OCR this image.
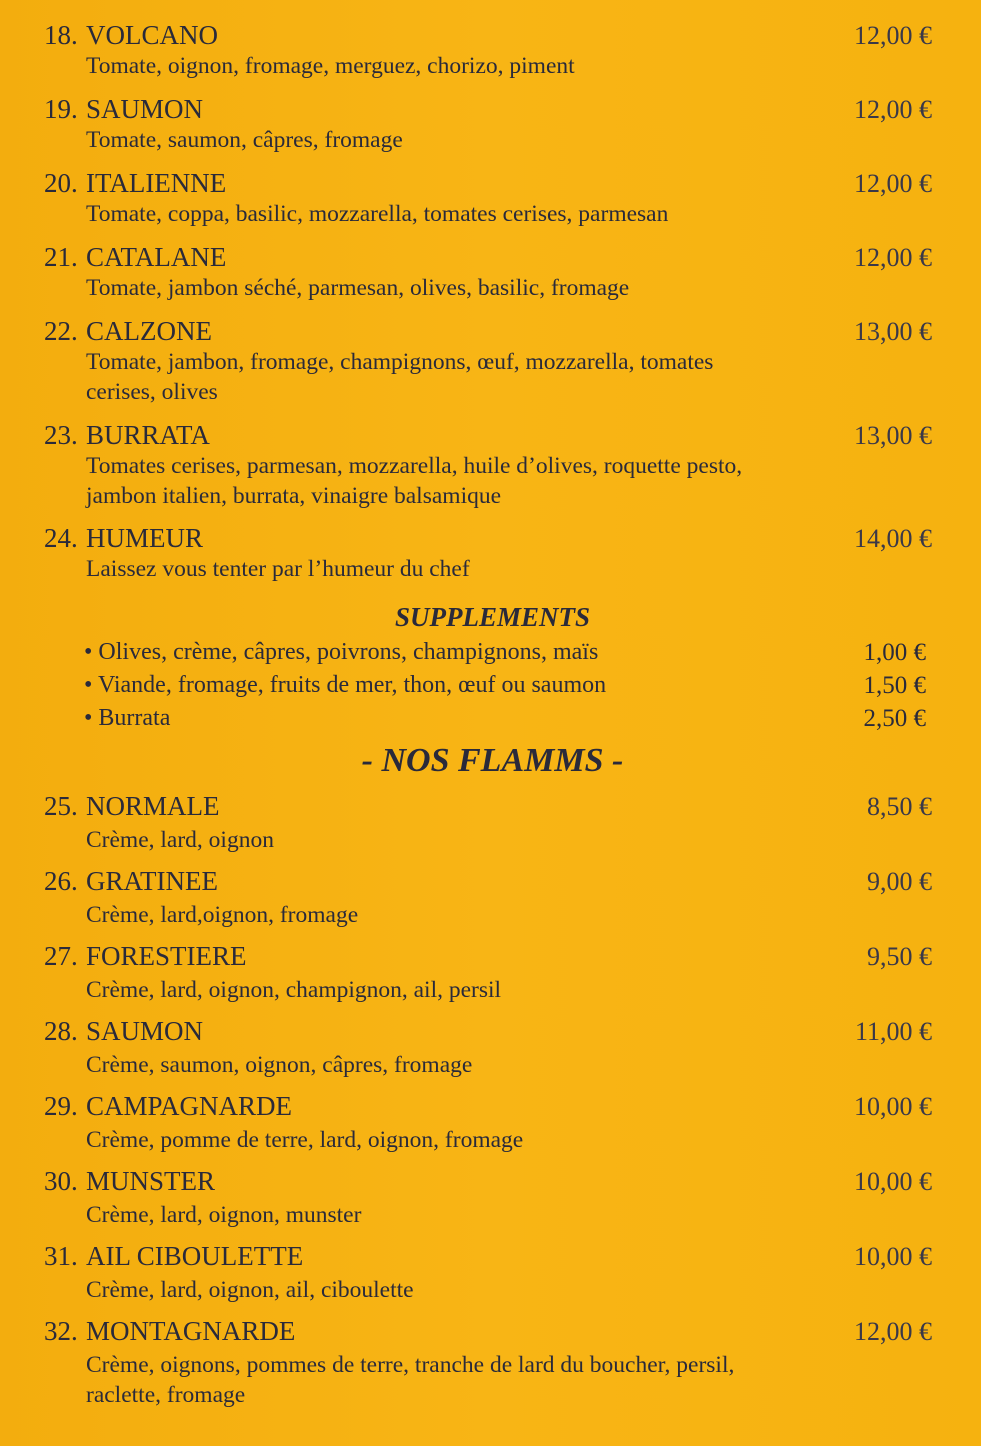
18. VOLCANO	12,00 €
Tomate, oignon, fromage, merguez, chorizo, piment
19. SAUMON	12,00 €
Tomate, saumon, câpres, fromage
20. ITALIENNE	12,00 €
Tomate, coppa, basilic, mozzarella, tomates cerises, parmesan
21. CATALANE	12,00 €
Tomate, jambon séché, parmesan, olives, basilic, fromage
22. CALZONE	13,00 €
Tomate, jambon, fromage, champignons, œuf, mozzarella, tomates cerises, olives
23. BURRATA	13,00 €
Tomates cerises, parmesan, mozzarella, huile d’olives, roquette pesto, jambon italien, burrata, vinaigre balsamique
24. HUMEUR	14,00 €
Laissez vous tenter par l’humeur du chef
SUPPLEMENTS
• Olives, crème, câpres, poivrons, champignons, maïs	1,00 €
• Viande, fromage, fruits de mer, thon, œuf ou saumon	1,50 €
• Burrata	2,50 €
- NOS FLAMMS -
25. NORMALE	8,50 €
Crème, lard, oignon
26. GRATINEE	9,00 €
Crème, lard,oignon, fromage
27. FORESTIERE	9,50 €
Crème, lard, oignon, champignon, ail, persil
28. SAUMON	11,00 €
Crème, saumon, oignon, câpres, fromage
29. CAMPAGNARDE	10,00 €
Crème, pomme de terre, lard, oignon, fromage
30. MUNSTER	10,00 €
Crème, lard, oignon, munster
31. AIL CIBOULETTE	10,00 €
Crème, lard, oignon, ail, ciboulette
32. MONTAGNARDE	12,00 €
Crème, oignons, pommes de terre, tranche de lard du boucher, persil, raclette, fromage
